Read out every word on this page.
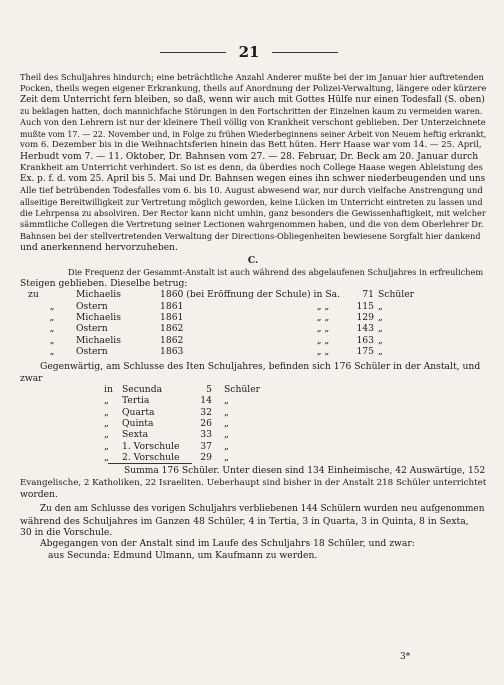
21
Theil des Schuljahres hindurch; eine beträchtliche Anzahl Anderer mußte bei der im Januar hier auftretenden
Pocken, theils wegen eigener Erkrankung, theils auf Anordnung der Polizei-Verwaltung, längere oder kürzere
Zeit dem Unterricht fern bleiben, so daß, wenn wir auch mit Gottes Hülfe nur einen Todesfall (S. oben)
zu beklagen hatten, doch mannichfache Störungen in den Fortschritten der Einzelnen kaum zu vermeiden waren.
Auch von den Lehrern ist nur der kleinere Theil völlig von Krankheit verschont geblieben. Der Unterzeichnete
mußte vom 17. — 22. November und, in Folge zu frühen Wiederbeginnens seiner Arbeit von Neuem heftig erkrankt,
vom 6. Dezember bis in die Weihnachtsferien hinein das Bett hüten. Herr Haase war vom 14. — 25. April,
Herbudt vom 7. — 11. Oktober, Dr. Bahnsen vom 27. — 28. Februar, Dr. Beck am 20. Januar durch
Krankheit am Unterricht verhindert. So ist es denn, da überdies noch College Haase wegen Ableistung des
Ex. p. f. d. vom 25. April bis 5. Mai und Dr. Bahnsen wegen eines ihn schwer niederbeugenden und uns
Alle tief betrübenden Todesfalles vom 6. bis 10. August abwesend war, nur durch vielfache Anstrengung und
allseitige Bereitwilligkeit zur Vertretung möglich geworden, keine Lücken im Unterricht eintreten zu lassen und
die Lehrpensa zu absolviren. Der Rector kann nicht umhin, ganz besonders die Gewissenhaftigkeit, mit welcher
sämmtliche Collegen die Vertretung seiner Lectionen wahrgenommen haben, und die von dem Oberlehrer Dr.
Bahnsen bei der stellvertretenden Verwaltung der Directions-Obliegenheiten bewiesene Sorgfalt hier dankend
und anerkennend hervorzuheben.
C.
Die Frequenz der Gesammt-Anstalt ist auch während des abgelaufenen Schuljahres in erfreulichem
Steigen geblieben. Dieselbe betrug:
zu	Michaelis	1860 (bei Eröffnung der Schule) in Sa.	71 Schüler
„	Ostern	1861	„ „	115 „
„	Michaelis	1861	„ „	129 „
„	Ostern	1862	„ „	143 „
„	Michaelis	1862	„ „	163 „
„	Ostern	1863	„ „	175 „
Gegenwärtig, am Schlusse des Iten Schuljahres, befinden sich 176 Schüler in der Anstalt, und
zwar
in Secunda	5	Schüler
„	Tertia	14	„
„	Quarta	32	„
„	Quinta	26	„
„	Sexta	33	„
„	1. Vorschule	37	„
„	2. Vorschule	29	„
Summa 176 Schüler. Unter diesen sind 134 Einheimische, 42 Auswärtige, 152
Evangelische, 2 Katholiken, 22 Israeliten. Ueberhaupt sind bisher in der Anstalt 218 Schüler unterrichtet
worden.
Zu den am Schlusse des vorigen Schuljahrs verbliebenen 144 Schülern wurden neu aufgenommen
während des Schuljahres im Ganzen 48 Schüler, 4 in Tertia, 3 in Quarta, 3 in Quinta, 8 in Sexta,
30 in die Vorschule.
Abgegangen von der Anstalt sind im Laufe des Schuljahrs 18 Schüler, und zwar:
aus Secunda: Edmund Ulmann, um Kaufmann zu werden.
3*
